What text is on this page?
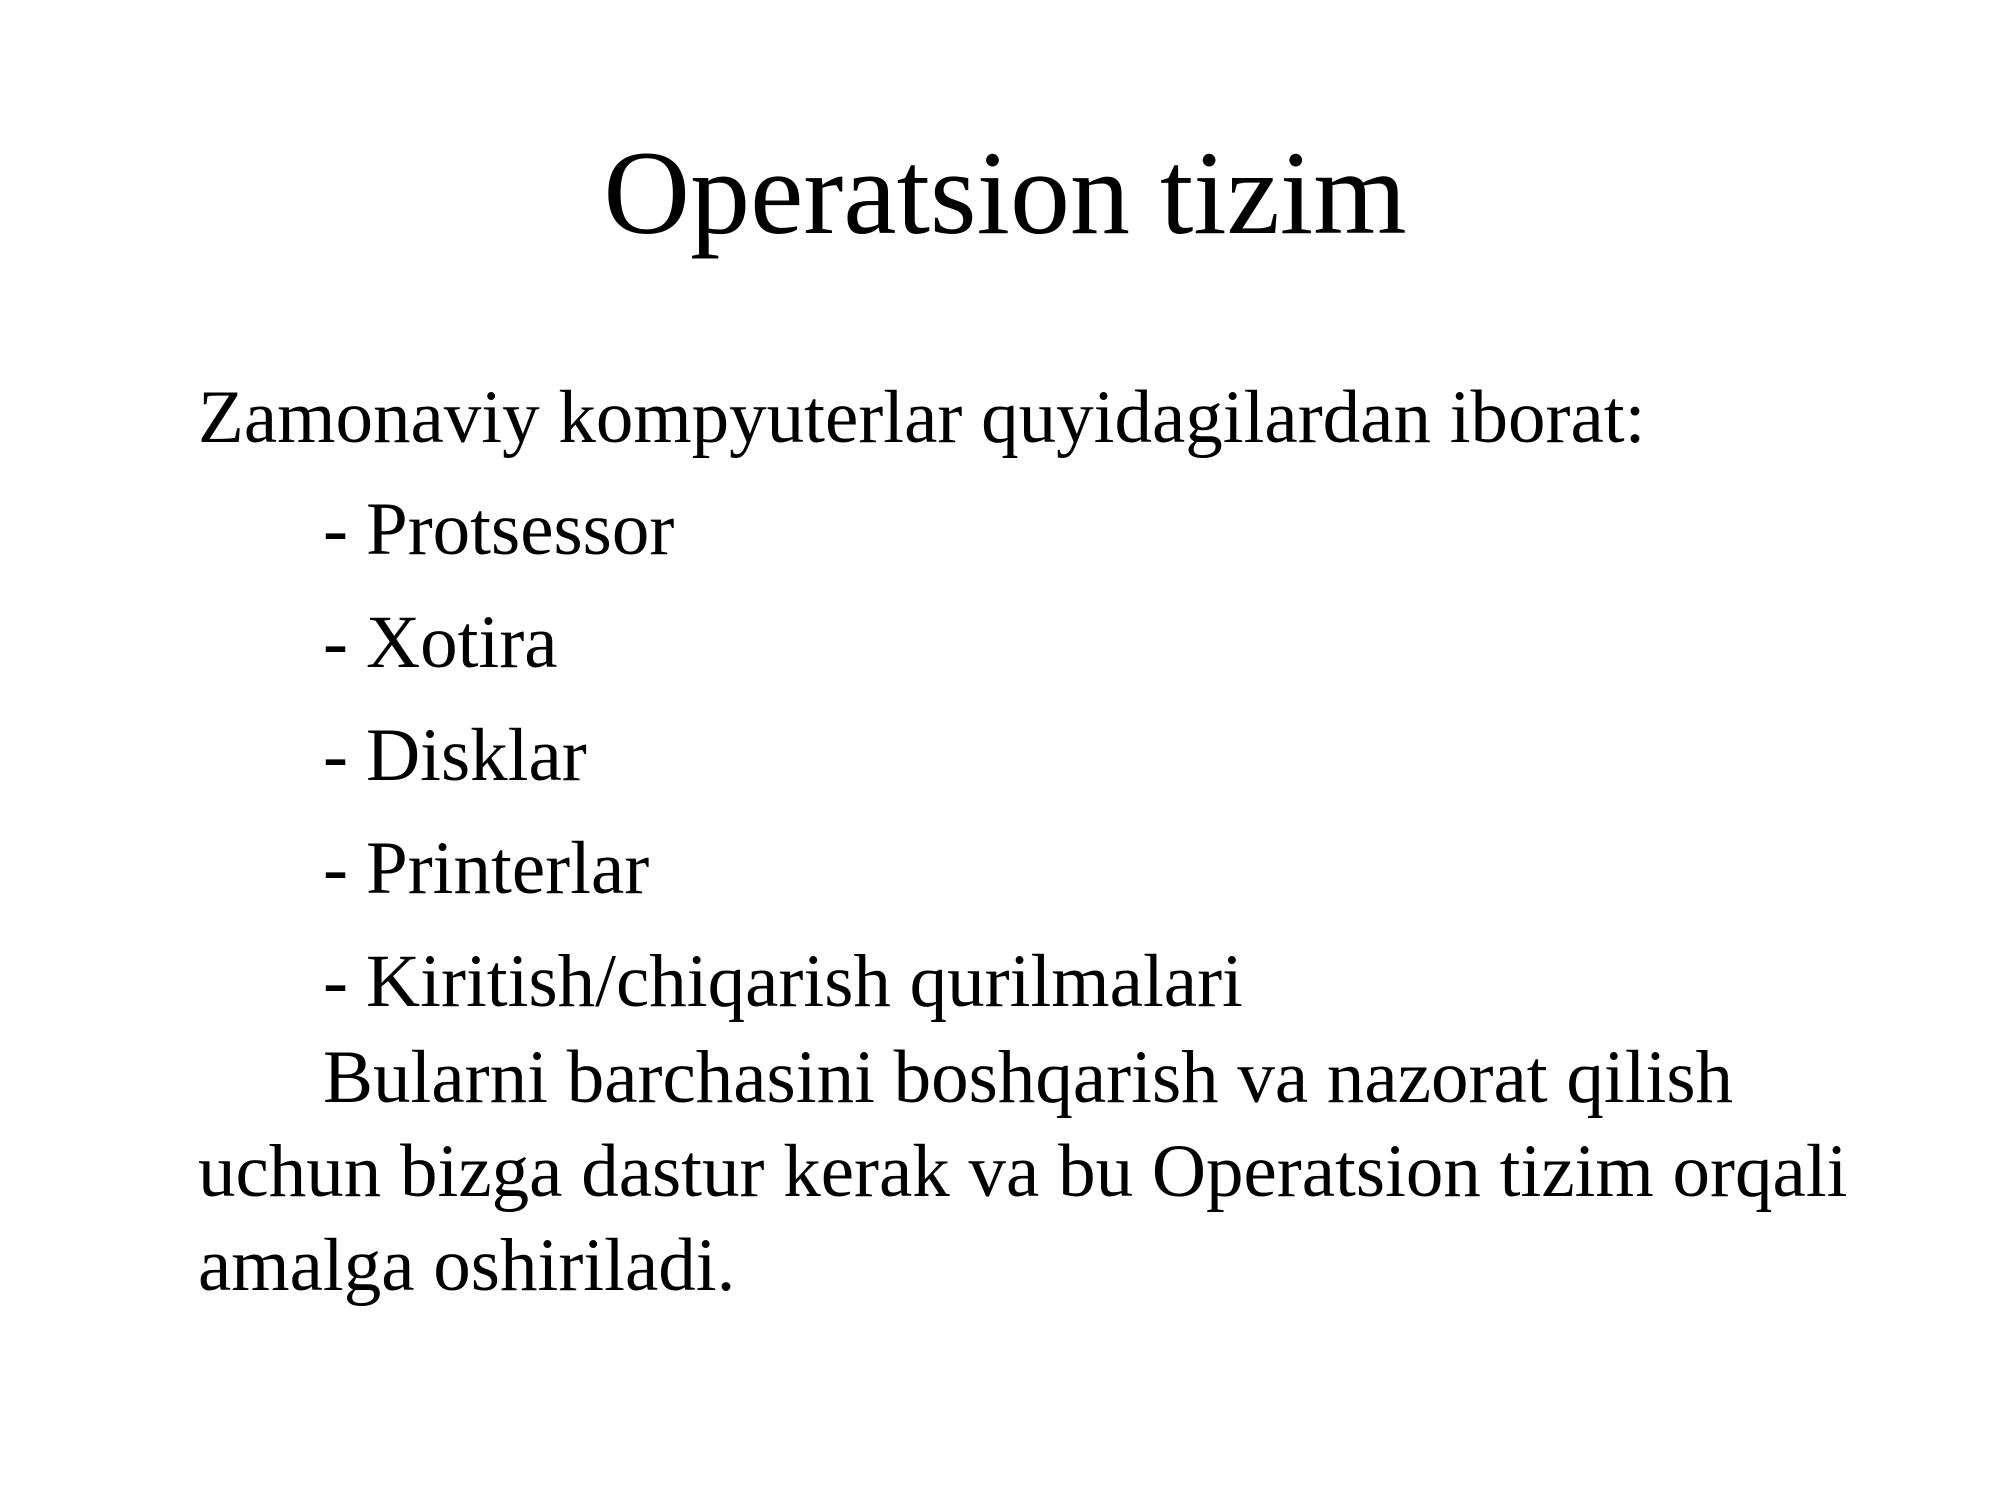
Operatsion tizim

Zamonaviy kompyuterlar quyidagilardan iborat:

- Protsessor
- Xotira
- Disklar
- Printerlar
- Kiritish/chiqarish qurilmalari

Bularni barchasini boshqarish va nazorat qilish uchun bizga dastur kerak va bu Operatsion tizim orqali amalga oshiriladi.
